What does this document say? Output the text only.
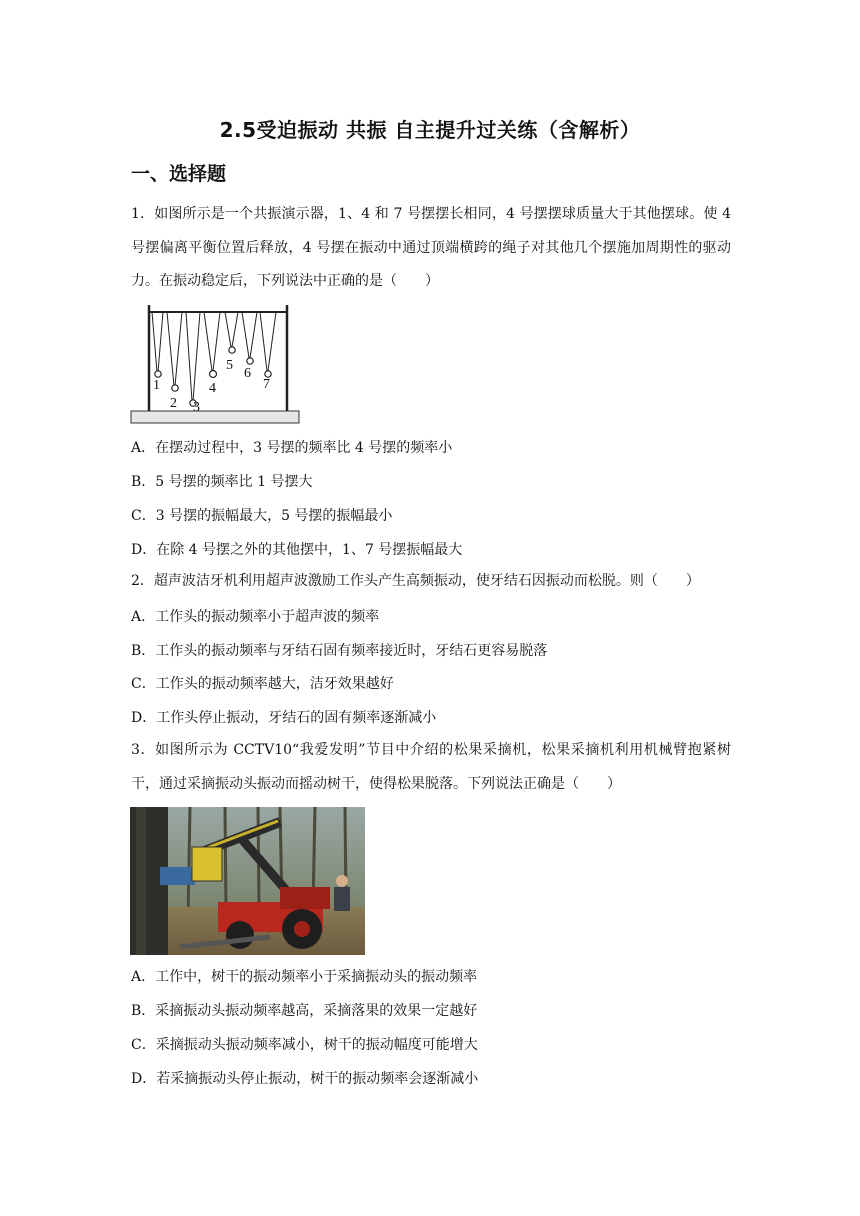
2.5受迫振动 共振 自主提升过关练（含解析）
一、选择题
1．如图所示是一个共振演示器，1、4 和 7 号摆摆长相同，4 号摆摆球质量大于其他摆球。使 4 号摆偏离平衡位置后释放，4 号摆在振动中通过顶端横跨的绳子对其他几个摆施加周期性的驱动力。在振动稳定后，下列说法中正确的是（　　）
1
2 3
4
5
6
7
A．在摆动过程中，3 号摆的频率比 4 号摆的频率小
B．5 号摆的频率比 1 号摆大
C．3 号摆的振幅最大，5 号摆的振幅最小
D．在除 4 号摆之外的其他摆中，1、7 号摆振幅最大
2．超声波洁牙机利用超声波激励工作头产生高频振动，使牙结石因振动而松脱。则（　　）
A．工作头的振动频率小于超声波的频率
B．工作头的振动频率与牙结石固有频率接近时，牙结石更容易脱落
C．工作头的振动频率越大，洁牙效果越好
D．工作头停止振动，牙结石的固有频率逐渐减小
3．如图所示为 CCTV10“我爱发明”节目中介绍的松果采摘机，松果采摘机利用机械臂抱紧树干，通过采摘振动头振动而摇动树干，使得松果脱落。下列说法正确是（　　）
A．工作中，树干的振动频率小于采摘振动头的振动频率
B．采摘振动头振动频率越高，采摘落果的效果一定越好
C．采摘振动头振动频率减小，树干的振动幅度可能增大
D．若采摘振动头停止振动，树干的振动频率会逐渐减小
